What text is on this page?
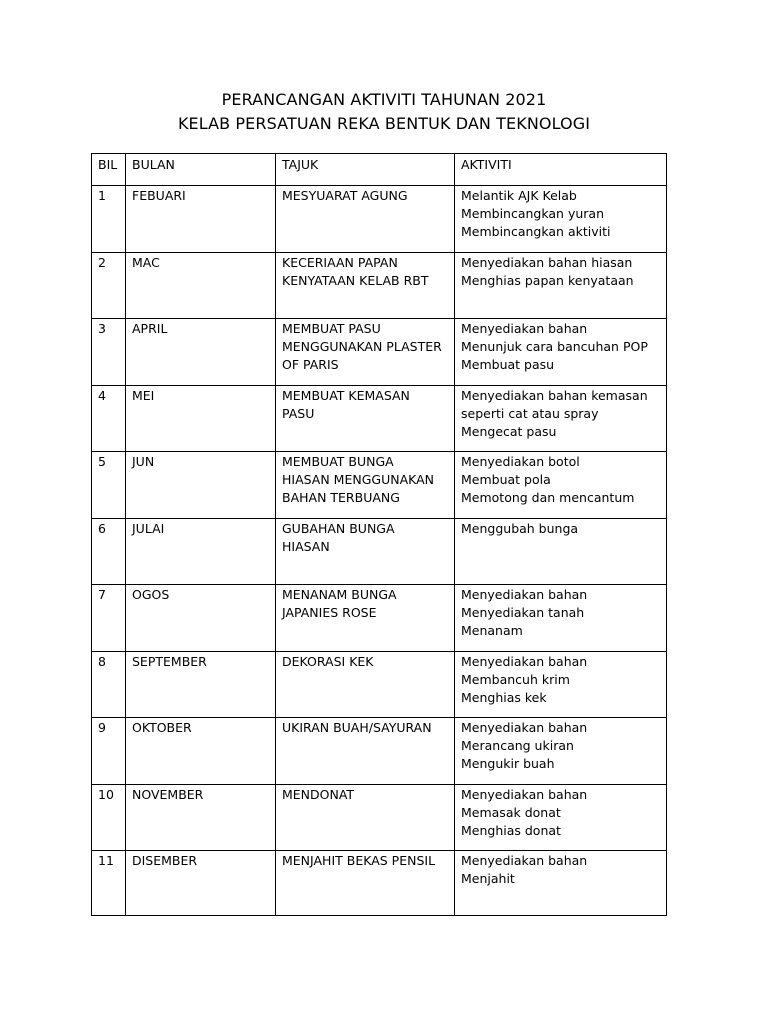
PERANCANGAN AKTIVITI TAHUNAN 2021
KELAB PERSATUAN REKA BENTUK DAN TEKNOLOGI
BIL	BULAN	TAJUK	AKTIVITI
1	FEBUARI	MESYUARAT AGUNG	Melantik AJK Kelab
Membincangkan yuran
Membincangkan aktiviti

2	MAC	KECERIAAN PAPAN
KENYATAAN KELAB RBT	Menyediakan bahan hiasan
Menghias papan kenyataan

3	APRIL	MEMBUAT PASU
MENGGUNAKAN PLASTER
OF PARIS	Menyediakan bahan
Menunjuk cara bancuhan POP
Membuat pasu

4	MEI	MEMBUAT KEMASAN
PASU	Menyediakan bahan kemasan
seperti cat atau spray
Mengecat pasu

5	JUN	MEMBUAT BUNGA
HIASAN MENGGUNAKAN
BAHAN TERBUANG	Menyediakan botol
Membuat pola
Memotong dan mencantum

6	JULAI	GUBAHAN BUNGA
HIASAN	Menggubah bunga

7	OGOS	MENANAM BUNGA
JAPANIES ROSE	Menyediakan bahan
Menyediakan tanah
Menanam

8	SEPTEMBER	DEKORASI KEK	Menyediakan bahan
Membancuh krim
Menghias kek

9	OKTOBER	UKIRAN BUAH/SAYURAN	Menyediakan bahan
Merancang ukiran
Mengukir buah

10	NOVEMBER	MENDONAT	Menyediakan bahan
Memasak donat
Menghias donat

11	DISEMBER	MENJAHIT BEKAS PENSIL	Menyediakan bahan
Menjahit
